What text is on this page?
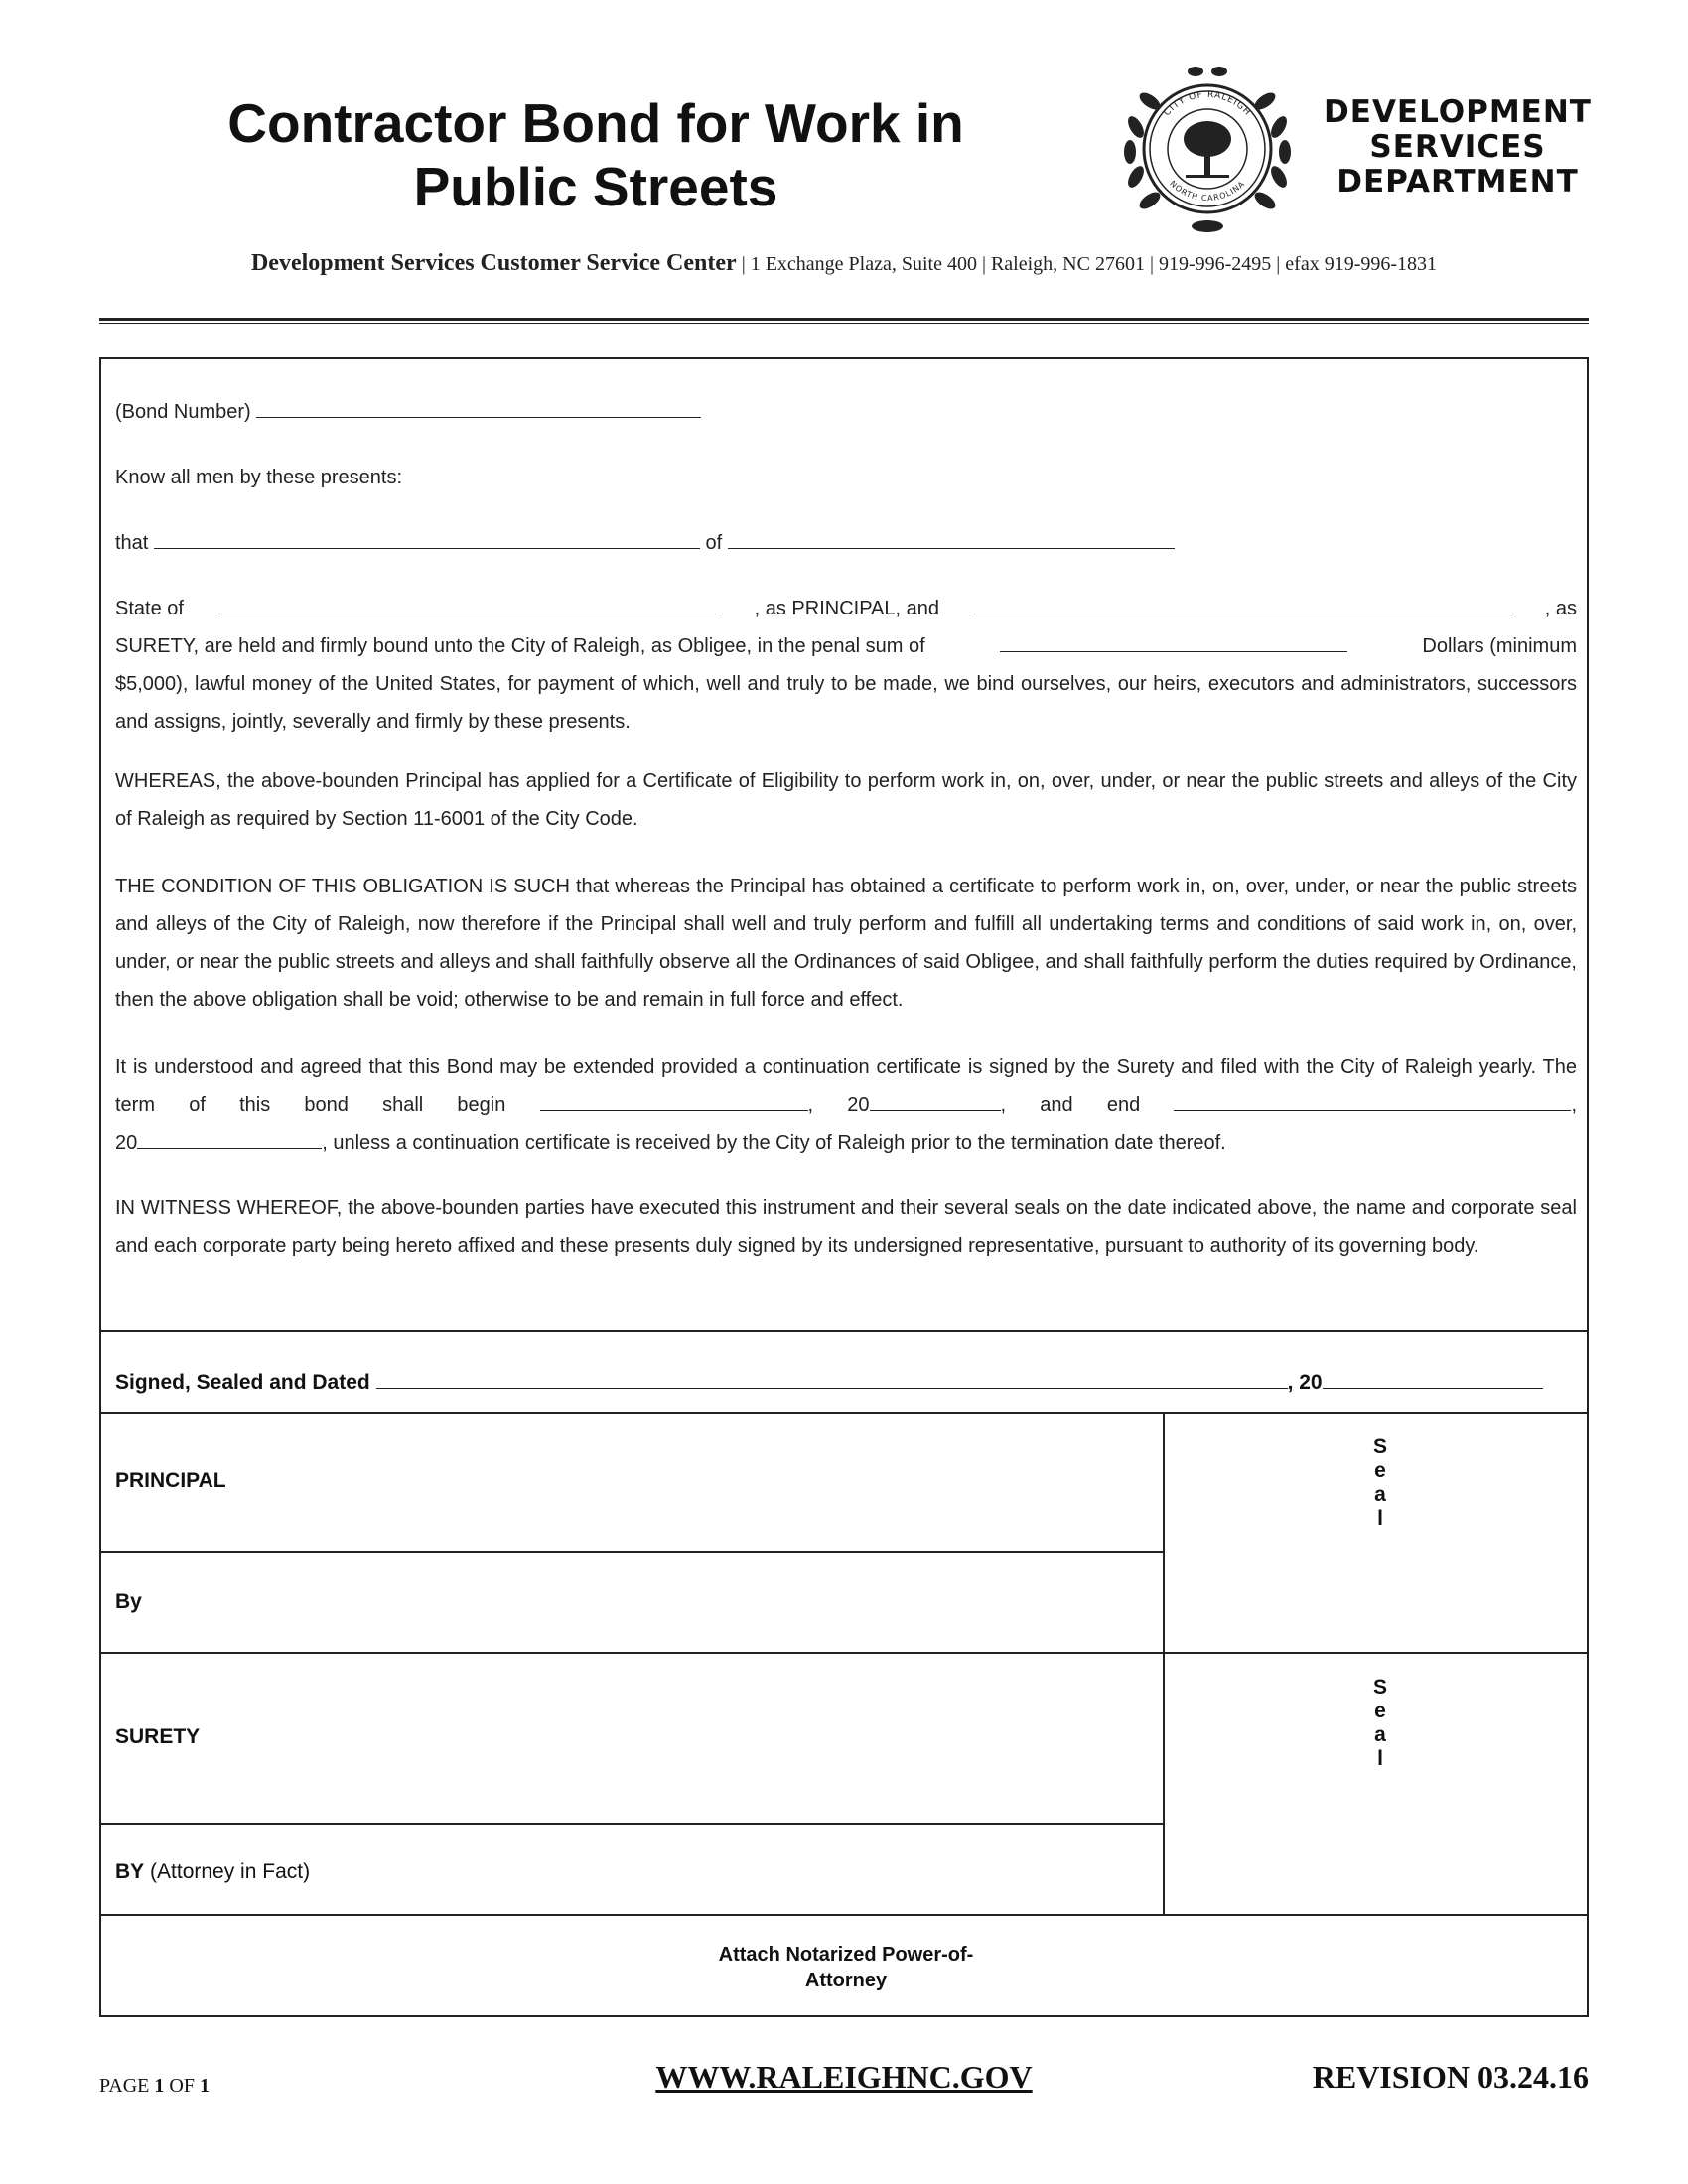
Contractor Bond for Work in
Public Streets
CITY OF RALEIGH
NORTH CAROLINA
DEVELOPMENT
SERVICES
DEPARTMENT
Development Services Customer Service Center | 1 Exchange Plaza, Suite 400 | Raleigh, NC 27601 | 919-996-2495 | efax 919-996-1831
(Bond Number)
Know all men by these presents:
that	of
State of	, as PRINCIPAL, and	, as
SURETY, are held and firmly bound unto the City of Raleigh, as Obligee, in the penal sum of	Dollars (minimum
$5,000), lawful money of the United States, for payment of which, well and truly to be made, we bind ourselves, our heirs, executors and administrators, successors and assigns, jointly, severally and firmly by these presents.
WHEREAS, the above-bounden Principal has applied for a Certificate of Eligibility to perform work in, on, over, under, or near the public streets and alleys of the City of Raleigh as required by Section 11-6001 of the City Code.
THE CONDITION OF THIS OBLIGATION IS SUCH that whereas the Principal has obtained a certificate to perform work in, on, over, under, or near the public streets and alleys of the City of Raleigh, now therefore if the Principal shall well and truly perform and fulfill all undertaking terms and conditions of said work in, on, over, under, or near the public streets and alleys and shall faithfully observe all the Ordinances of said Obligee, and shall faithfully perform the duties required by Ordinance, then the above obligation shall be void; otherwise to be and remain in full force and effect.
It is understood and agreed that this Bond may be extended provided a continuation certificate is signed by the Surety and filed with the City of Raleigh yearly. The term of this bond shall begin	, 20	, and end	,
20	, unless a continuation certificate is received by the City of Raleigh prior to the termination date thereof.
IN WITNESS WHEREOF, the above-bounden parties have executed this instrument and their several seals on the date indicated above, the name and corporate seal and each corporate party being hereto affixed and these presents duly signed by its undersigned representative, pursuant to authority of its governing body.
Signed, Sealed and Dated	, 20
PRINCIPAL
S
e
a
l
By
SURETY
S
e
a
l
BY (Attorney in Fact)
Attach Notarized Power-of-
Attorney
PAGE 1 OF 1	WWW.RALEIGHNC.GOV	REVISION 03.24.16
